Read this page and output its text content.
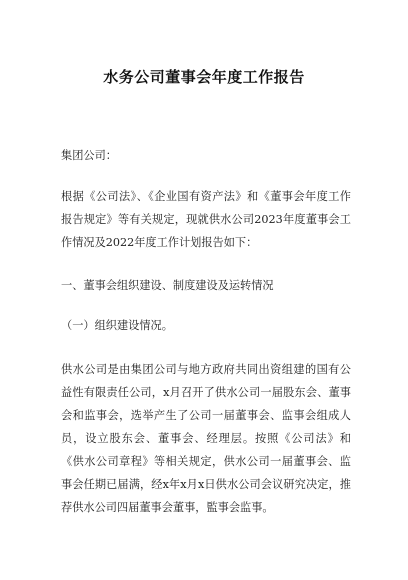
水务公司董事会年度工作报告
集团公司：
根据《公司法》、《企业国有资产法》和《董事会年度工作报告规定》等有关规定，现就供水公司2023年度董事会工作情况及2022年度工作计划报告如下：
一、董事会组织建设、制度建设及运转情况
（一）组织建设情况。
供水公司是由集团公司与地方政府共同出资组建的国有公益性有限责任公司，x月召开了供水公司一届股东会、董事会和监事会，选举产生了公司一届董事会、监事会组成人员，设立股东会、董事会、经理层。按照《公司法》和《供水公司章程》等相关规定，供水公司一届董事会、监事会任期已届满，经x年x月x日供水公司会议研究决定，推荐供水公司四届董事会董事，監事会监事。
